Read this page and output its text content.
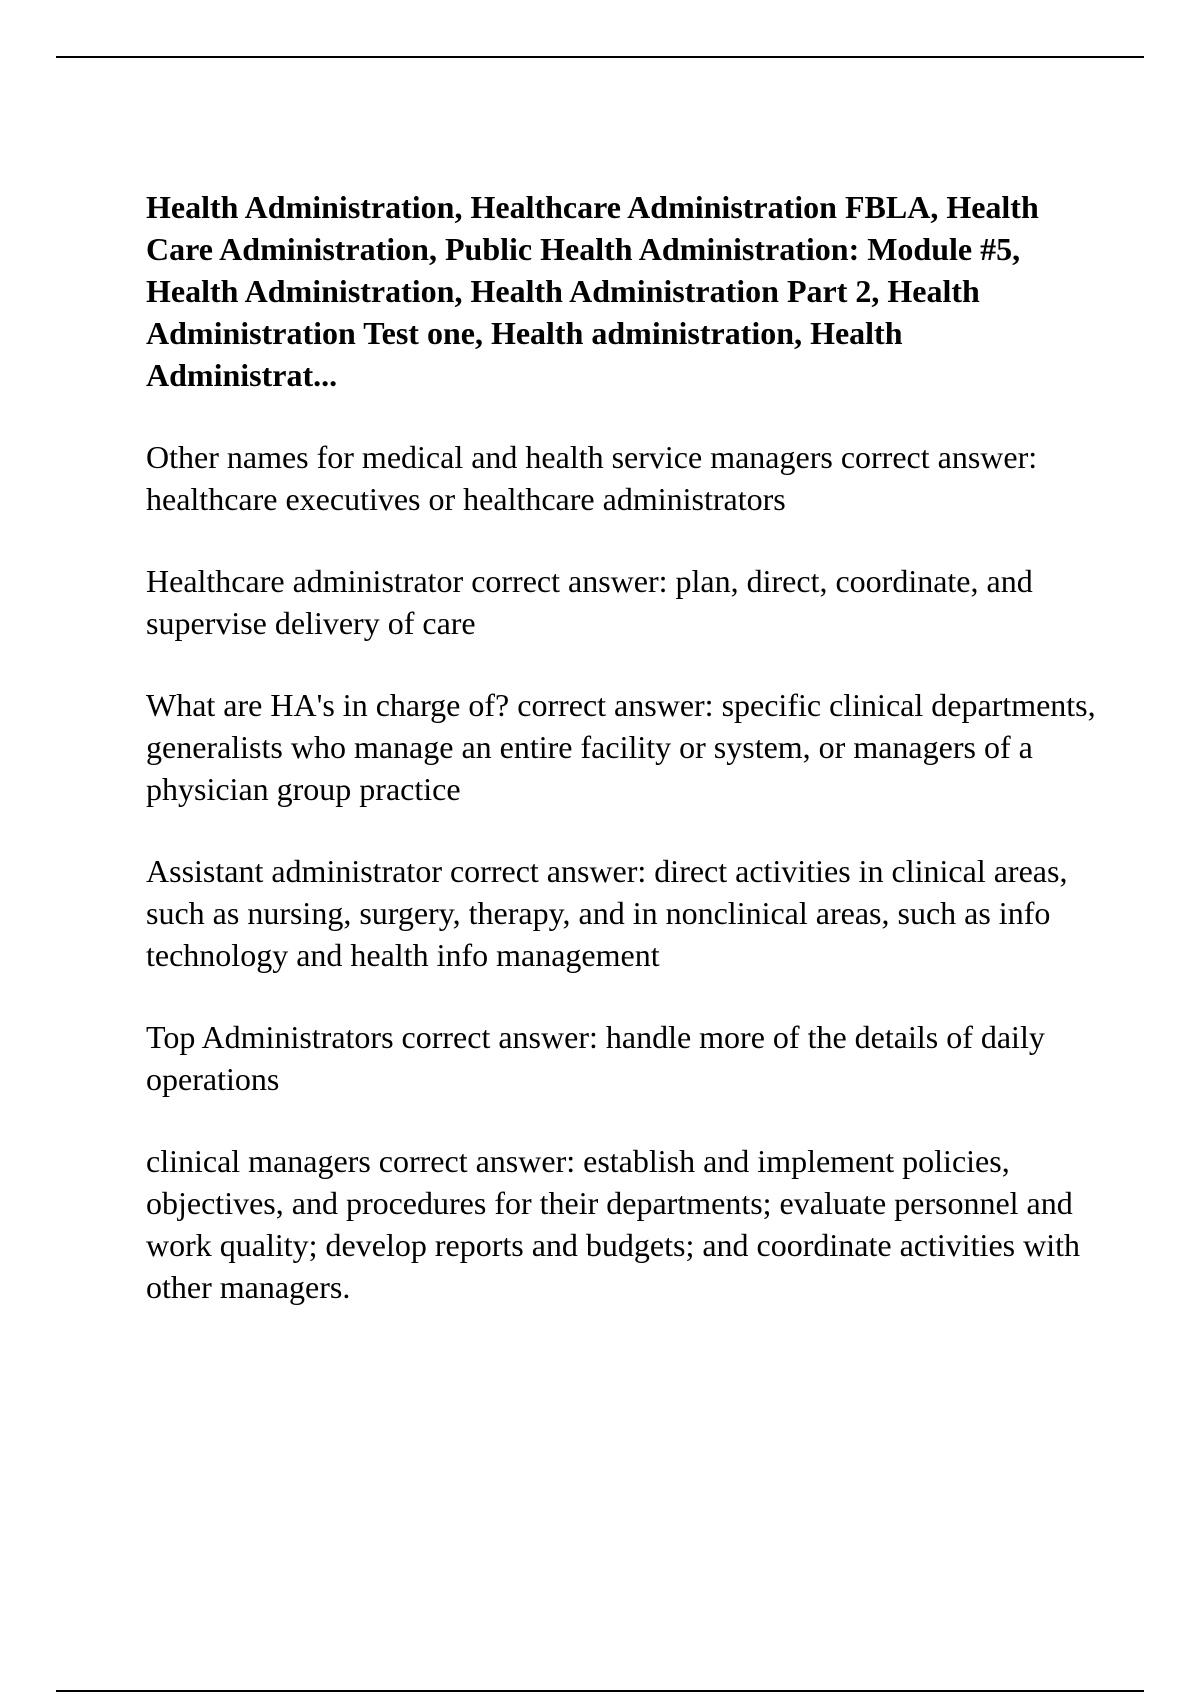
Health Administration, Healthcare Administration FBLA, Health Care Administration, Public Health Administration: Module #5, Health Administration, Health Administration Part 2, Health Administration Test one, Health administration, Health Administrat...

Other names for medical and health service managers correct answer: healthcare executives or healthcare administrators

Healthcare administrator correct answer: plan, direct, coordinate, and supervise delivery of care

What are HA's in charge of? correct answer: specific clinical departments, generalists who manage an entire facility or system, or managers of a physician group practice

Assistant administrator correct answer: direct activities in clinical areas, such as nursing, surgery, therapy, and in nonclinical areas, such as info technology and health info management

Top Administrators correct answer: handle more of the details of daily operations

clinical managers correct answer: establish and implement policies, objectives, and procedures for their departments; evaluate personnel and work quality; develop reports and budgets; and coordinate activities with other managers.
